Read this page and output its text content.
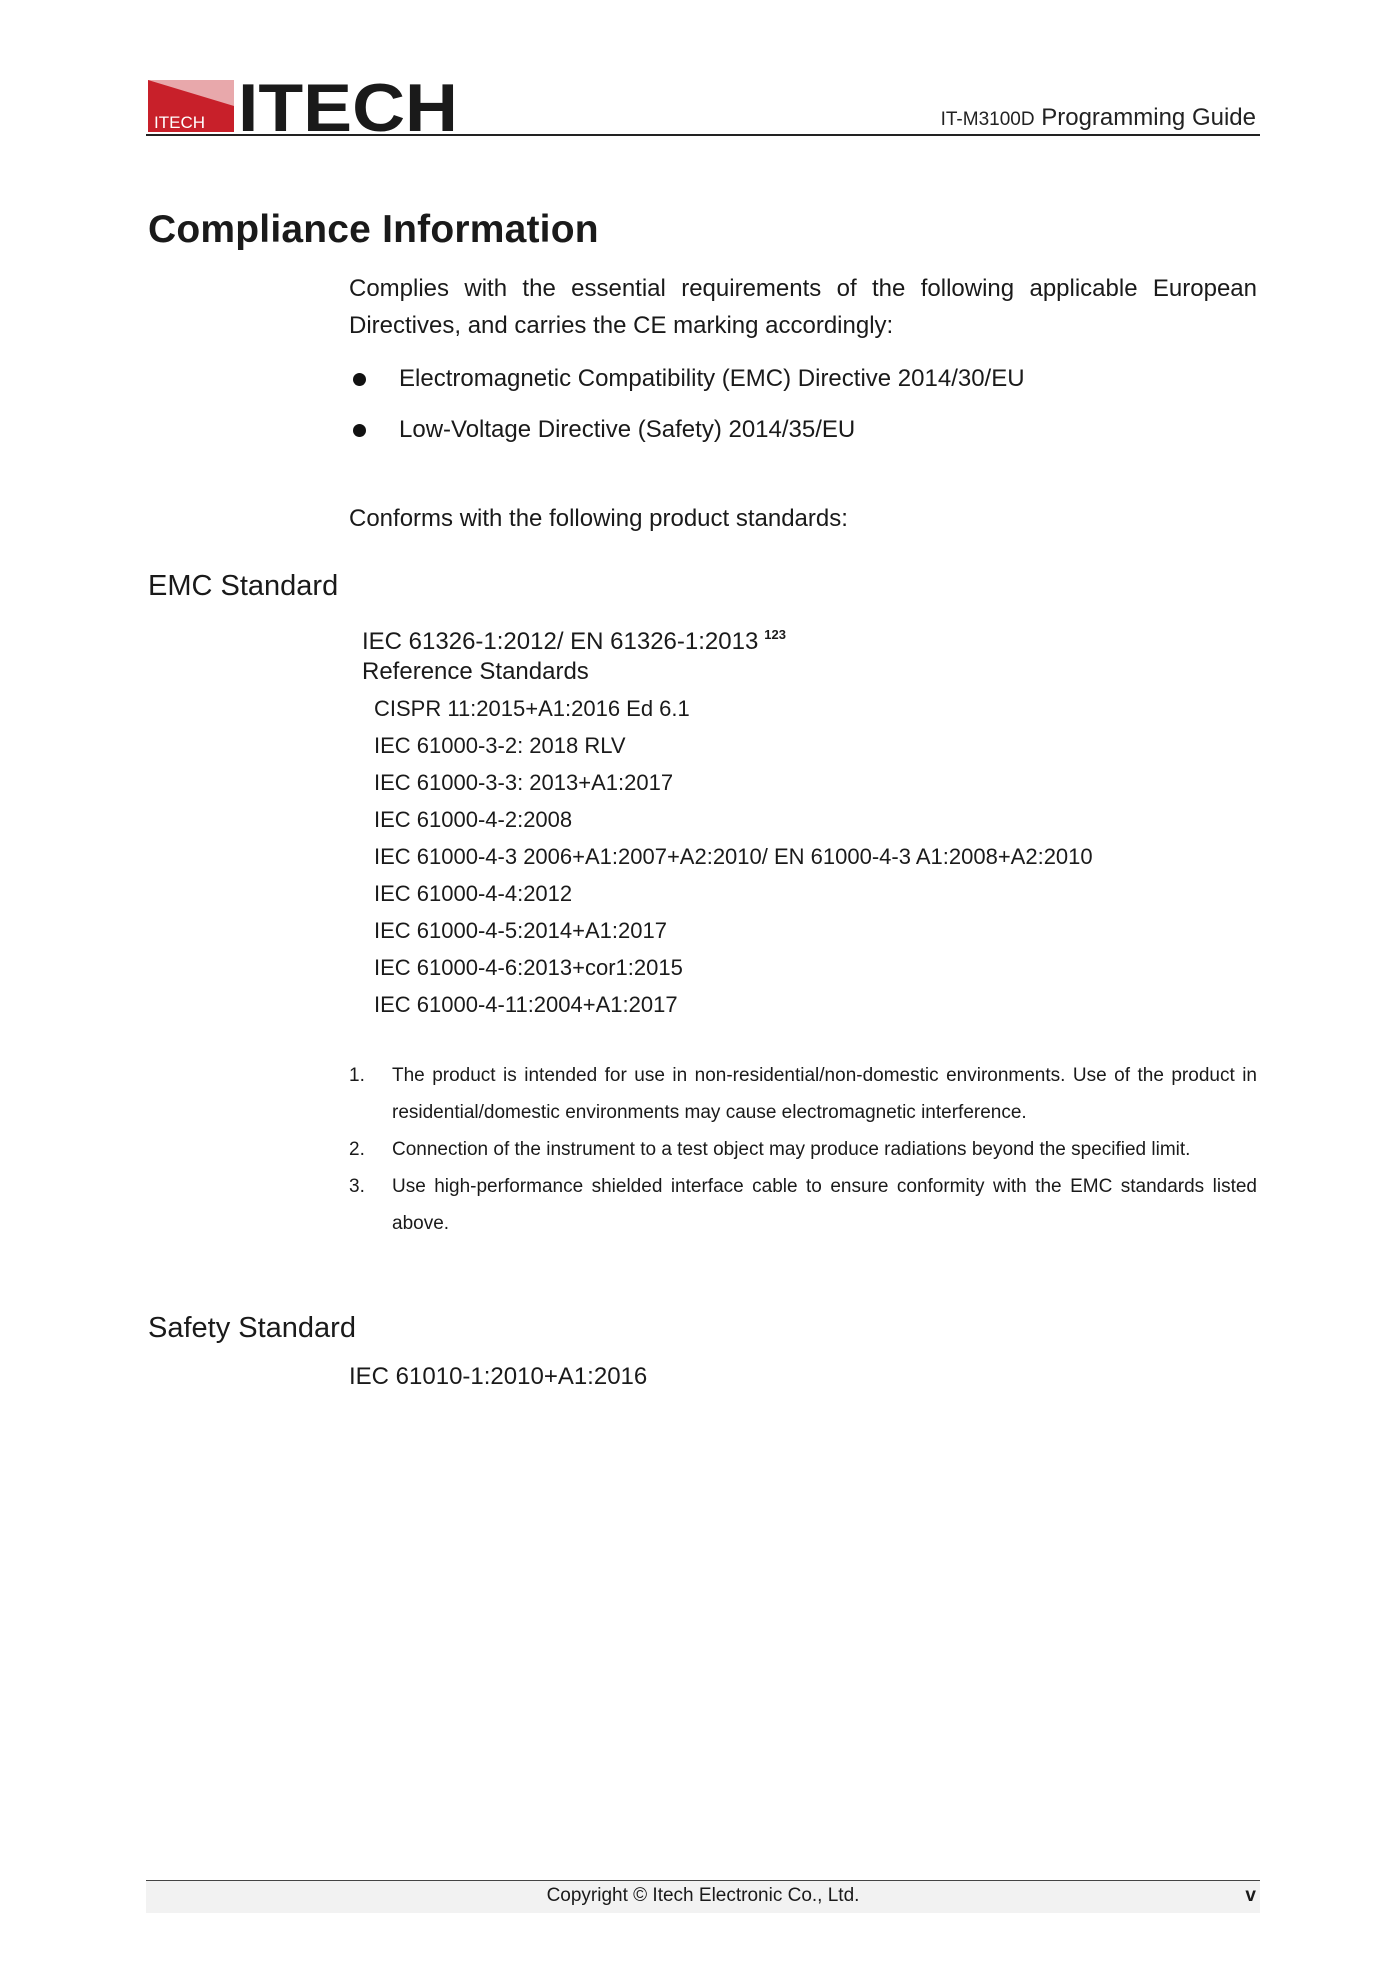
ITECH ITECH	IT-M3100D Programming Guide
Compliance Information
Complies with the essential requirements of the following applicable European Directives, and carries the CE marking accordingly:
Electromagnetic Compatibility (EMC) Directive 2014/30/EU
Low-Voltage Directive (Safety) 2014/35/EU
Conforms with the following product standards:
EMC Standard
IEC 61326-1:2012/ EN 61326-1:2013 $^{123}$
Reference Standards
CISPR 11:2015+A1:2016 Ed 6.1
IEC 61000-3-2: 2018 RLV
IEC 61000-3-3: 2013+A1:2017
IEC 61000-4-2:2008
IEC 61000-4-3 2006+A1:2007+A2:2010/ EN 61000-4-3 A1:2008+A2:2010
IEC 61000-4-4:2012
IEC 61000-4-5:2014+A1:2017
IEC 61000-4-6:2013+cor1:2015
IEC 61000-4-11:2004+A1:2017
1. The product is intended for use in non-residential/non-domestic environments. Use of the product in residential/domestic environments may cause electromagnetic interference.
2. Connection of the instrument to a test object may produce radiations beyond the specified limit.
3. Use high-performance shielded interface cable to ensure conformity with the EMC standards listed above.
Safety Standard
IEC 61010-1:2010+A1:2016
Copyright © Itech Electronic Co., Ltd.	v
